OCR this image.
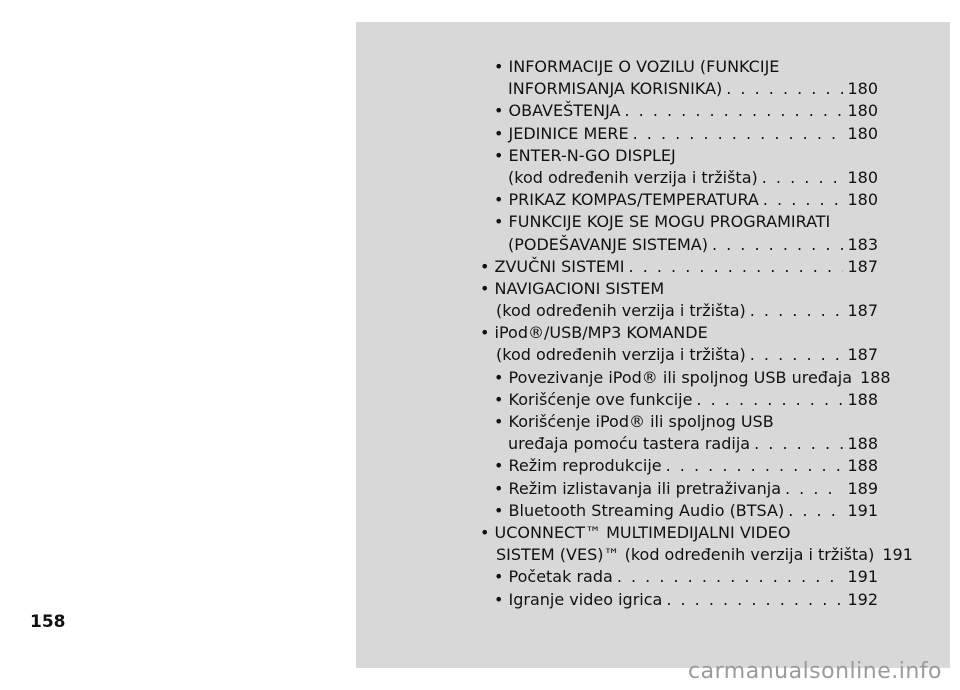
• INFORMACIJE O VOZILU (FUNKCIJE
INFORMISANJA KORISNIKA) . . .	180
• OBAVEŠTENJA . . .	180
• JEDINICE MERE . . .	180
• ENTER-N-GO DISPLEJ
(kod određenih verzija i tržišta) . . .	180
• PRIKAZ KOMPAS/TEMPERATURA . . .	180
• FUNKCIJE KOJE SE MOGU PROGRAMIRATI
(PODEŠAVANJE SISTEMA) . . .	183
• ZVUČNI SISTEMI . . .	187
• NAVIGACIONI SISTEM
(kod određenih verzija i tržišta) . . .	187
• iPod®/USB/MP3 KOMANDE
(kod određenih verzija i tržišta) . . .	187
• Povezivanje iPod® ili spoljnog USB uređaja 188
• Korišćenje ove funkcije . . .	188
• Korišćenje iPod® ili spoljnog USB
uređaja pomoću tastera radija . . .	188
• Režim reprodukcije . . .	188
• Režim izlistavanja ili pretraživanja . . .	189
• Bluetooth Streaming Audio (BTSA) . . .	191
• UCONNECT™ MULTIMEDIJALNI VIDEO
SISTEM (VES)™ (kod određenih verzija i tržišta) 191
• Početak rada . . .	191
• Igranje video igrica . . .	192
158
carmanualsonline.info
